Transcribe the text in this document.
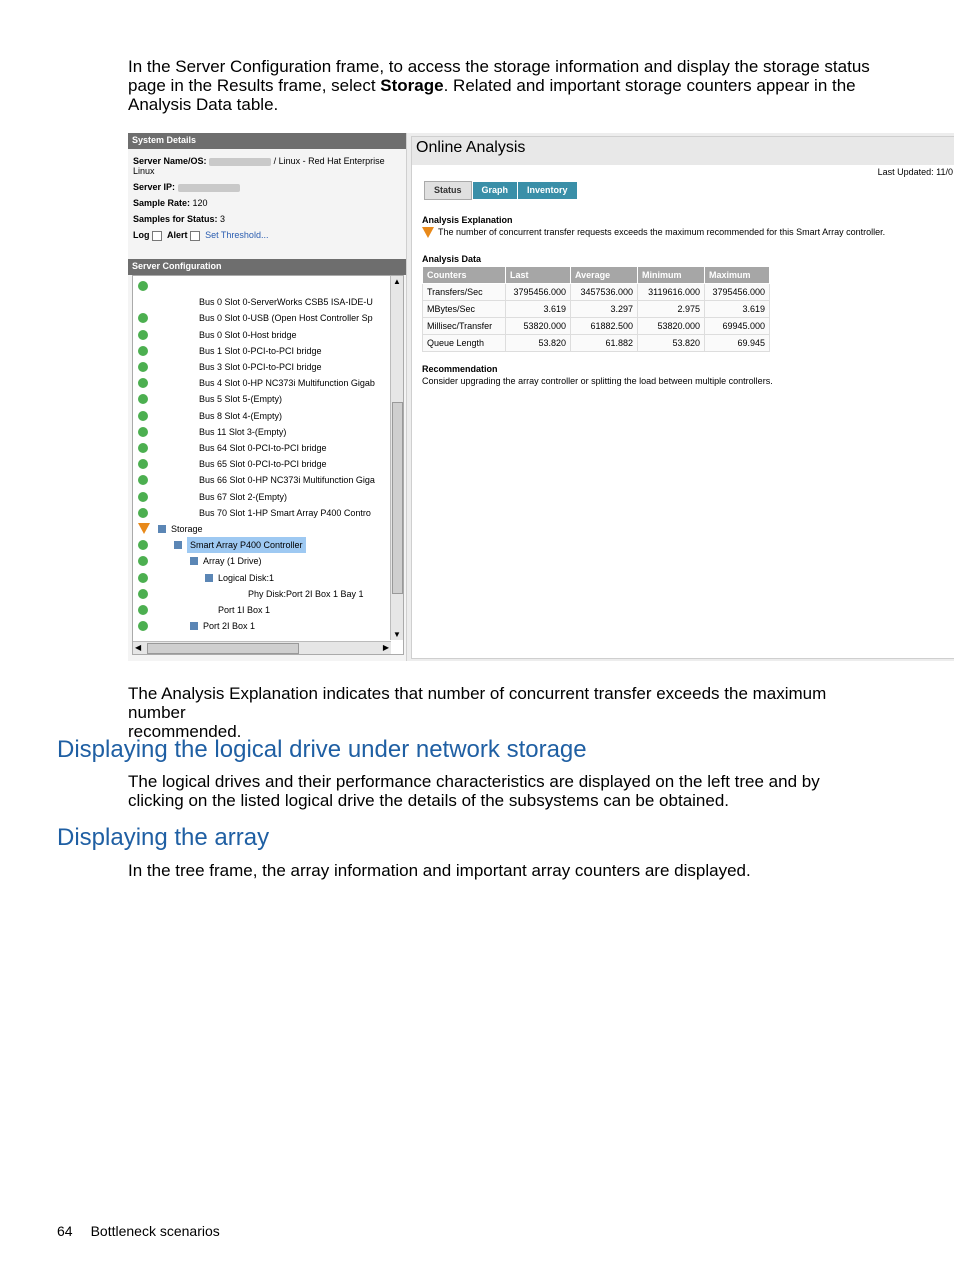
In the Server Configuration frame, to access the storage information and display the storage status
page in the Results frame, select Storage. Related and important storage counters appear in the
Analysis Data table.
System Details
Server Name/OS:	/ Linux - Red Hat Enterprise
Linux
Server IP:
Sample Rate: 120
Samples for Status: 3
Log Alert Set Threshold...
Server Configuration
Bus 0 Slot 0-ServerWorks CSB5 ISA-IDE-U
Bus 0 Slot 0-USB (Open Host Controller Sp
Bus 0 Slot 0-Host bridge
Bus 1 Slot 0-PCI-to-PCI bridge
Bus 3 Slot 0-PCI-to-PCI bridge
Bus 4 Slot 0-HP NC373i Multifunction Gigab
Bus 5 Slot 5-(Empty)
Bus 8 Slot 4-(Empty)
Bus 11 Slot 3-(Empty)
Bus 64 Slot 0-PCI-to-PCI bridge
Bus 65 Slot 0-PCI-to-PCI bridge
Bus 66 Slot 0-HP NC373i Multifunction Giga
Bus 67 Slot 2-(Empty)
Bus 70 Slot 1-HP Smart Array P400 Contro
Storage
Smart Array P400 Controller
Array (1 Drive)
Logical Disk:1
Phy Disk:Port 2I Box 1 Bay 1
Port 1I Box 1
Port 2I Box 1
▲
▼
◀	▶
Online Analysis
Last Updated: 11/0
Status Graph Inventory
Analysis Explanation
The number of concurrent transfer requests exceeds the maximum recommended for this Smart Array controller.
Analysis Data
Counters	Last	Average	Minimum	Maximum
Transfers/Sec	3795456.000	3457536.000	3119616.000	3795456.000
MBytes/Sec	3.619	3.297	2.975	3.619
Millisec/Transfer	53820.000	61882.500	53820.000	69945.000
Queue Length	53.820	61.882	53.820	69.945
Recommendation
Consider upgrading the array controller or splitting the load between multiple controllers.
The Analysis Explanation indicates that number of concurrent transfer exceeds the maximum number
recommended.
Displaying the logical drive under network storage
The logical drives and their performance characteristics are displayed on the left tree and by
clicking on the listed logical drive the details of the subsystems can be obtained.
Displaying the array
In the tree frame, the array information and important array counters are displayed.
64 Bottleneck scenarios
